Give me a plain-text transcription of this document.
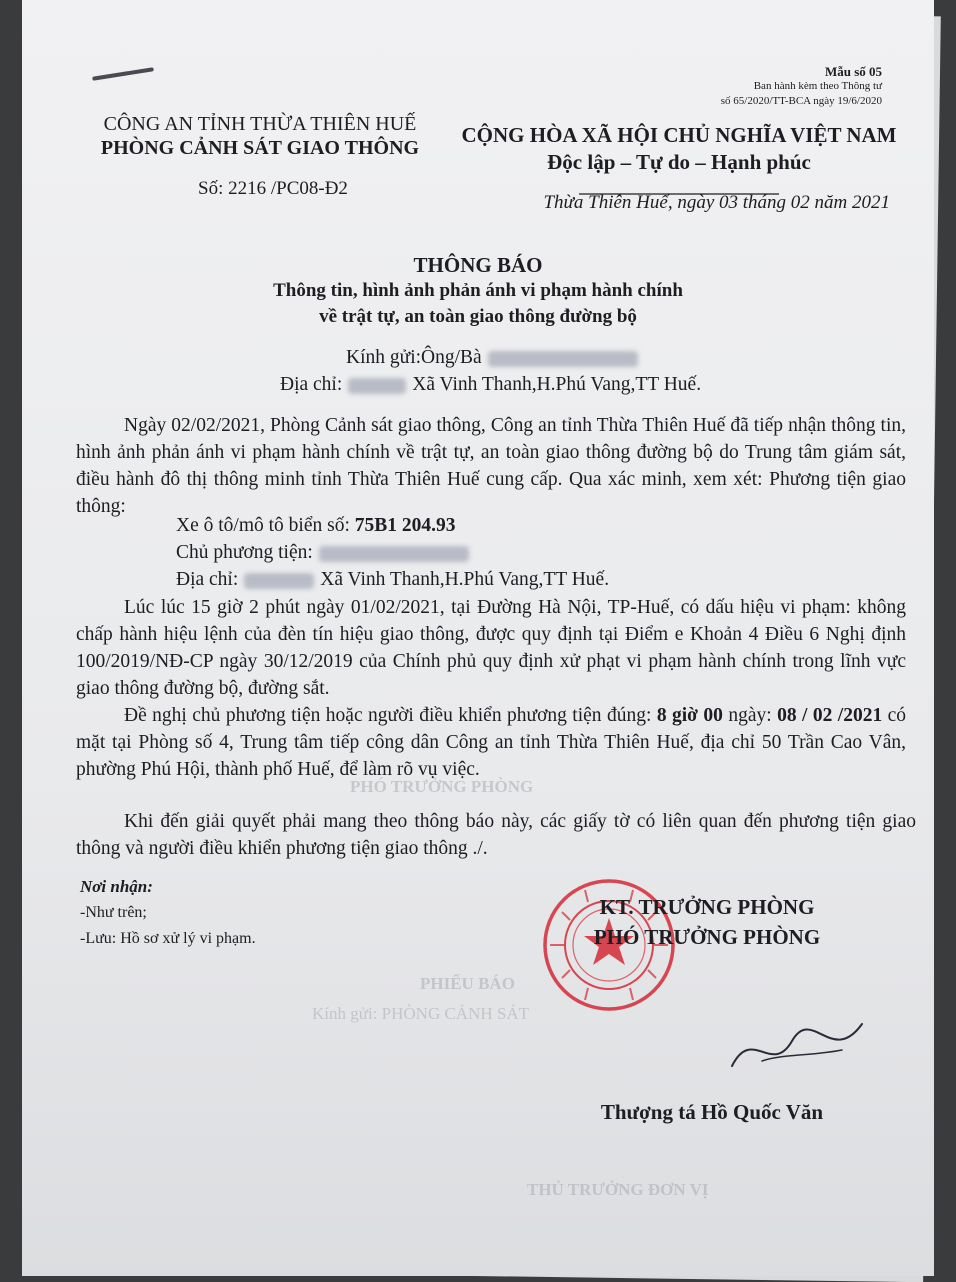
PHIẾU BÁO
Kính gửi: PHÒNG CẢNH SÁT
PHÓ TRƯỞNG PHÒNG
THỦ TRƯỞNG ĐƠN VỊ
Mẫu số 05
Ban hành kèm theo Thông tư
số 65/2020/TT-BCA ngày 19/6/2020
CÔNG AN TỈNH THỪA THIÊN HUẾ
PHÒNG CẢNH SÁT GIAO THÔNG
CỘNG HÒA XÃ HỘI CHỦ NGHĨA VIỆT NAM
Độc lập – Tự do – Hạnh phúc
Số: 2216 /PC08-Đ2
Thừa Thiên Huế, ngày 03 tháng 02 năm 2021
THÔNG BÁO
Thông tin, hình ảnh phản ánh vi phạm hành chính
về trật tự, an toàn giao thông đường bộ
Kính gửi:Ông/Bà
Địa chỉ:	Xã Vinh Thanh,H.Phú Vang,TT Huế.
Ngày 02/02/2021, Phòng Cảnh sát giao thông, Công an tỉnh Thừa Thiên Huế đã tiếp nhận thông tin, hình ảnh phản ánh vi phạm hành chính về trật tự, an toàn giao thông đường bộ do Trung tâm giám sát, điều hành đô thị thông minh tỉnh Thừa Thiên Huế cung cấp. Qua xác minh, xem xét: Phương tiện giao thông:
Xe ô tô/mô tô biển số: 75B1 204.93
Chủ phương tiện:
Địa chỉ:	Xã Vinh Thanh,H.Phú Vang,TT Huế.
Lúc lúc 15 giờ 2 phút ngày 01/02/2021, tại Đường Hà Nội, TP-Huế, có dấu hiệu vi phạm: không chấp hành hiệu lệnh của đèn tín hiệu giao thông, được quy định tại Điểm e Khoản 4 Điều 6 Nghị định 100/2019/NĐ-CP ngày 30/12/2019 của Chính phủ quy định xử phạt vi phạm hành chính trong lĩnh vực giao thông đường bộ, đường sắt.
Đề nghị chủ phương tiện hoặc người điều khiển phương tiện đúng: 8 giờ 00 ngày: 08 / 02 /2021 có mặt tại Phòng số 4, Trung tâm tiếp công dân Công an tỉnh Thừa Thiên Huế, địa chỉ 50 Trần Cao Vân, phường Phú Hội, thành phố Huế, để làm rõ vụ việc.
Khi đến giải quyết phải mang theo thông báo này, các giấy tờ có liên quan đến phương tiện giao thông và người điều khiển phương tiện giao thông ./.
Nơi nhận:
-Như trên;
-Lưu: Hồ sơ xử lý vi phạm.
KT. TRƯỞNG PHÒNG
PHÓ TRƯỞNG PHÒNG
Thượng tá Hồ Quốc Văn
